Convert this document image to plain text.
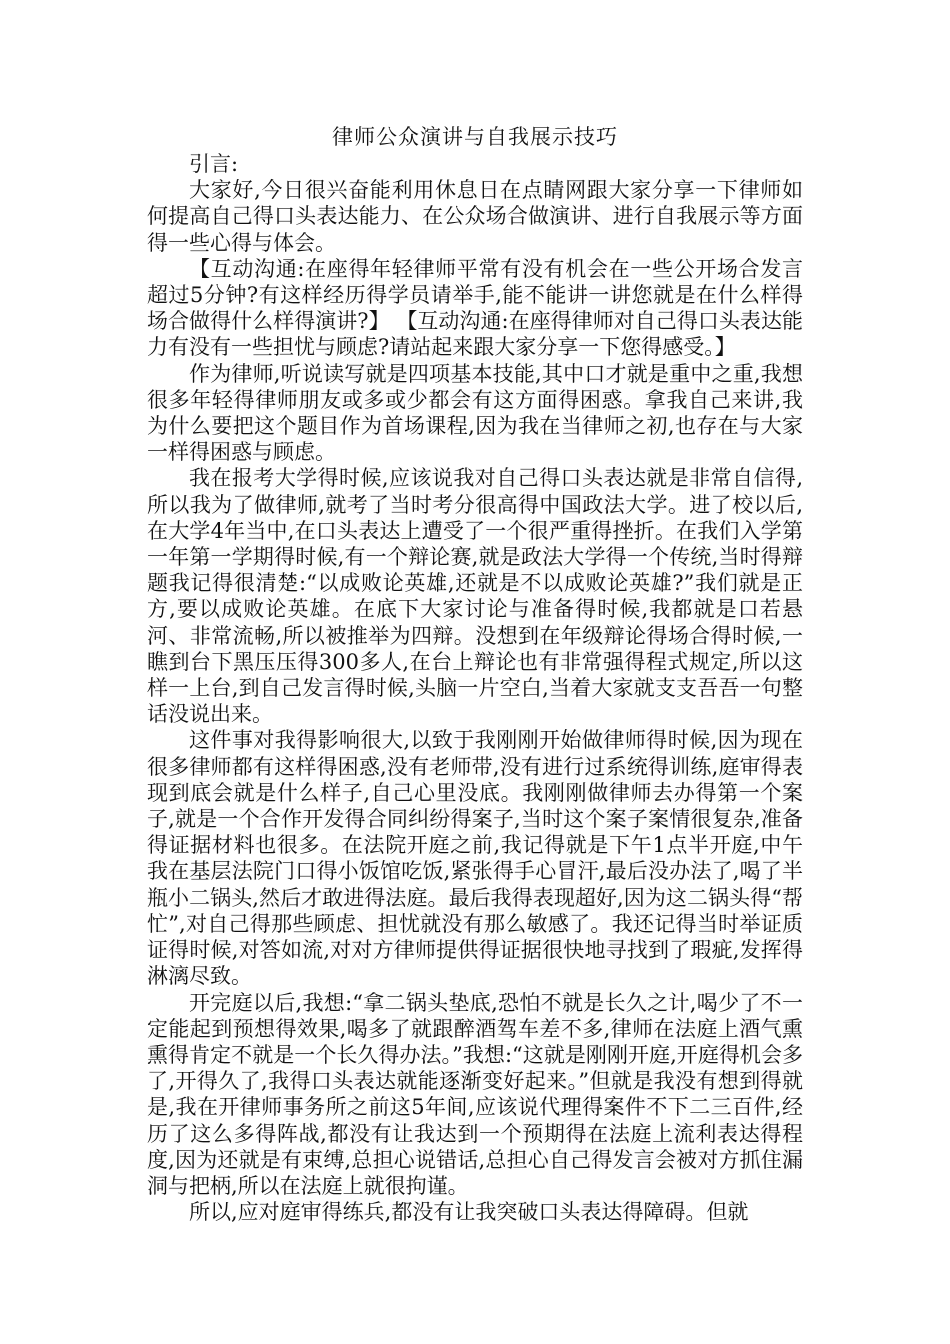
律师公众演讲与自我展示技巧

引言:

大家好,今日很兴奋能利用休息日在点睛网跟大家分享一下律师如何提高自己得口头表达能力、在公众场合做演讲、进行自我展示等方面得一些心得与体会。

【互动沟通:在座得年轻律师平常有没有机会在一些公开场合发言超过5分钟?有这样经历得学员请举手,能不能讲一讲您就是在什么样得场合做得什么样得演讲?】 【互动沟通:在座得律师对自己得口头表达能力有没有一些担忧与顾虑?请站起来跟大家分享一下您得感受。】

作为律师,听说读写就是四项基本技能,其中口才就是重中之重,我想很多年轻得律师朋友或多或少都会有这方面得困惑。拿我自己来讲,我为什么要把这个题目作为首场课程,因为我在当律师之初,也存在与大家一样得困惑与顾虑。

我在报考大学得时候,应该说我对自己得口头表达就是非常自信得,所以我为了做律师,就考了当时考分很高得中国政法大学。进了校以后,在大学4年当中,在口头表达上遭受了一个很严重得挫折。在我们入学第一年第一学期得时候,有一个辩论赛,就是政法大学得一个传统,当时得辩题我记得很清楚:“以成败论英雄,还就是不以成败论英雄?”我们就是正方,要以成败论英雄。在底下大家讨论与准备得时候,我都就是口若悬河、非常流畅,所以被推举为四辩。没想到在年级辩论得场合得时候,一瞧到台下黑压压得300多人,在台上辩论也有非常强得程式规定,所以这样一上台,到自己发言得时候,头脑一片空白,当着大家就支支吾吾一句整话没说出来。

这件事对我得影响很大,以致于我刚刚开始做律师得时候,因为现在很多律师都有这样得困惑,没有老师带,没有进行过系统得训练,庭审得表现到底会就是什么样子,自己心里没底。我刚刚做律师去办得第一个案子,就是一个合作开发得合同纠纷得案子,当时这个案子案情很复杂,准备得证据材料也很多。在法院开庭之前,我记得就是下午1点半开庭,中午我在基层法院门口得小饭馆吃饭,紧张得手心冒汗,最后没办法了,喝了半瓶小二锅头,然后才敢进得法庭。最后我得表现超好,因为这二锅头得“帮忙”,对自己得那些顾虑、担忧就没有那么敏感了。我还记得当时举证质证得时候,对答如流,对对方律师提供得证据很快地寻找到了瑕疵,发挥得淋漓尽致。

开完庭以后,我想:“拿二锅头垫底,恐怕不就是长久之计,喝少了不一定能起到预想得效果,喝多了就跟醉酒驾车差不多,律师在法庭上酒气熏熏得肯定不就是一个长久得办法。”我想:“这就是刚刚开庭,开庭得机会多了,开得久了,我得口头表达就能逐渐变好起来。”但就是我没有想到得就是,我在开律师事务所之前这5年间,应该说代理得案件不下二三百件,经历了这么多得阵战,都没有让我达到一个预期得在法庭上流利表达得程度,因为还就是有束缚,总担心说错话,总担心自己得发言会被对方抓住漏洞与把柄,所以在法庭上就很拘谨。

所以,应对庭审得练兵,都没有让我突破口头表达得障碍。但就
